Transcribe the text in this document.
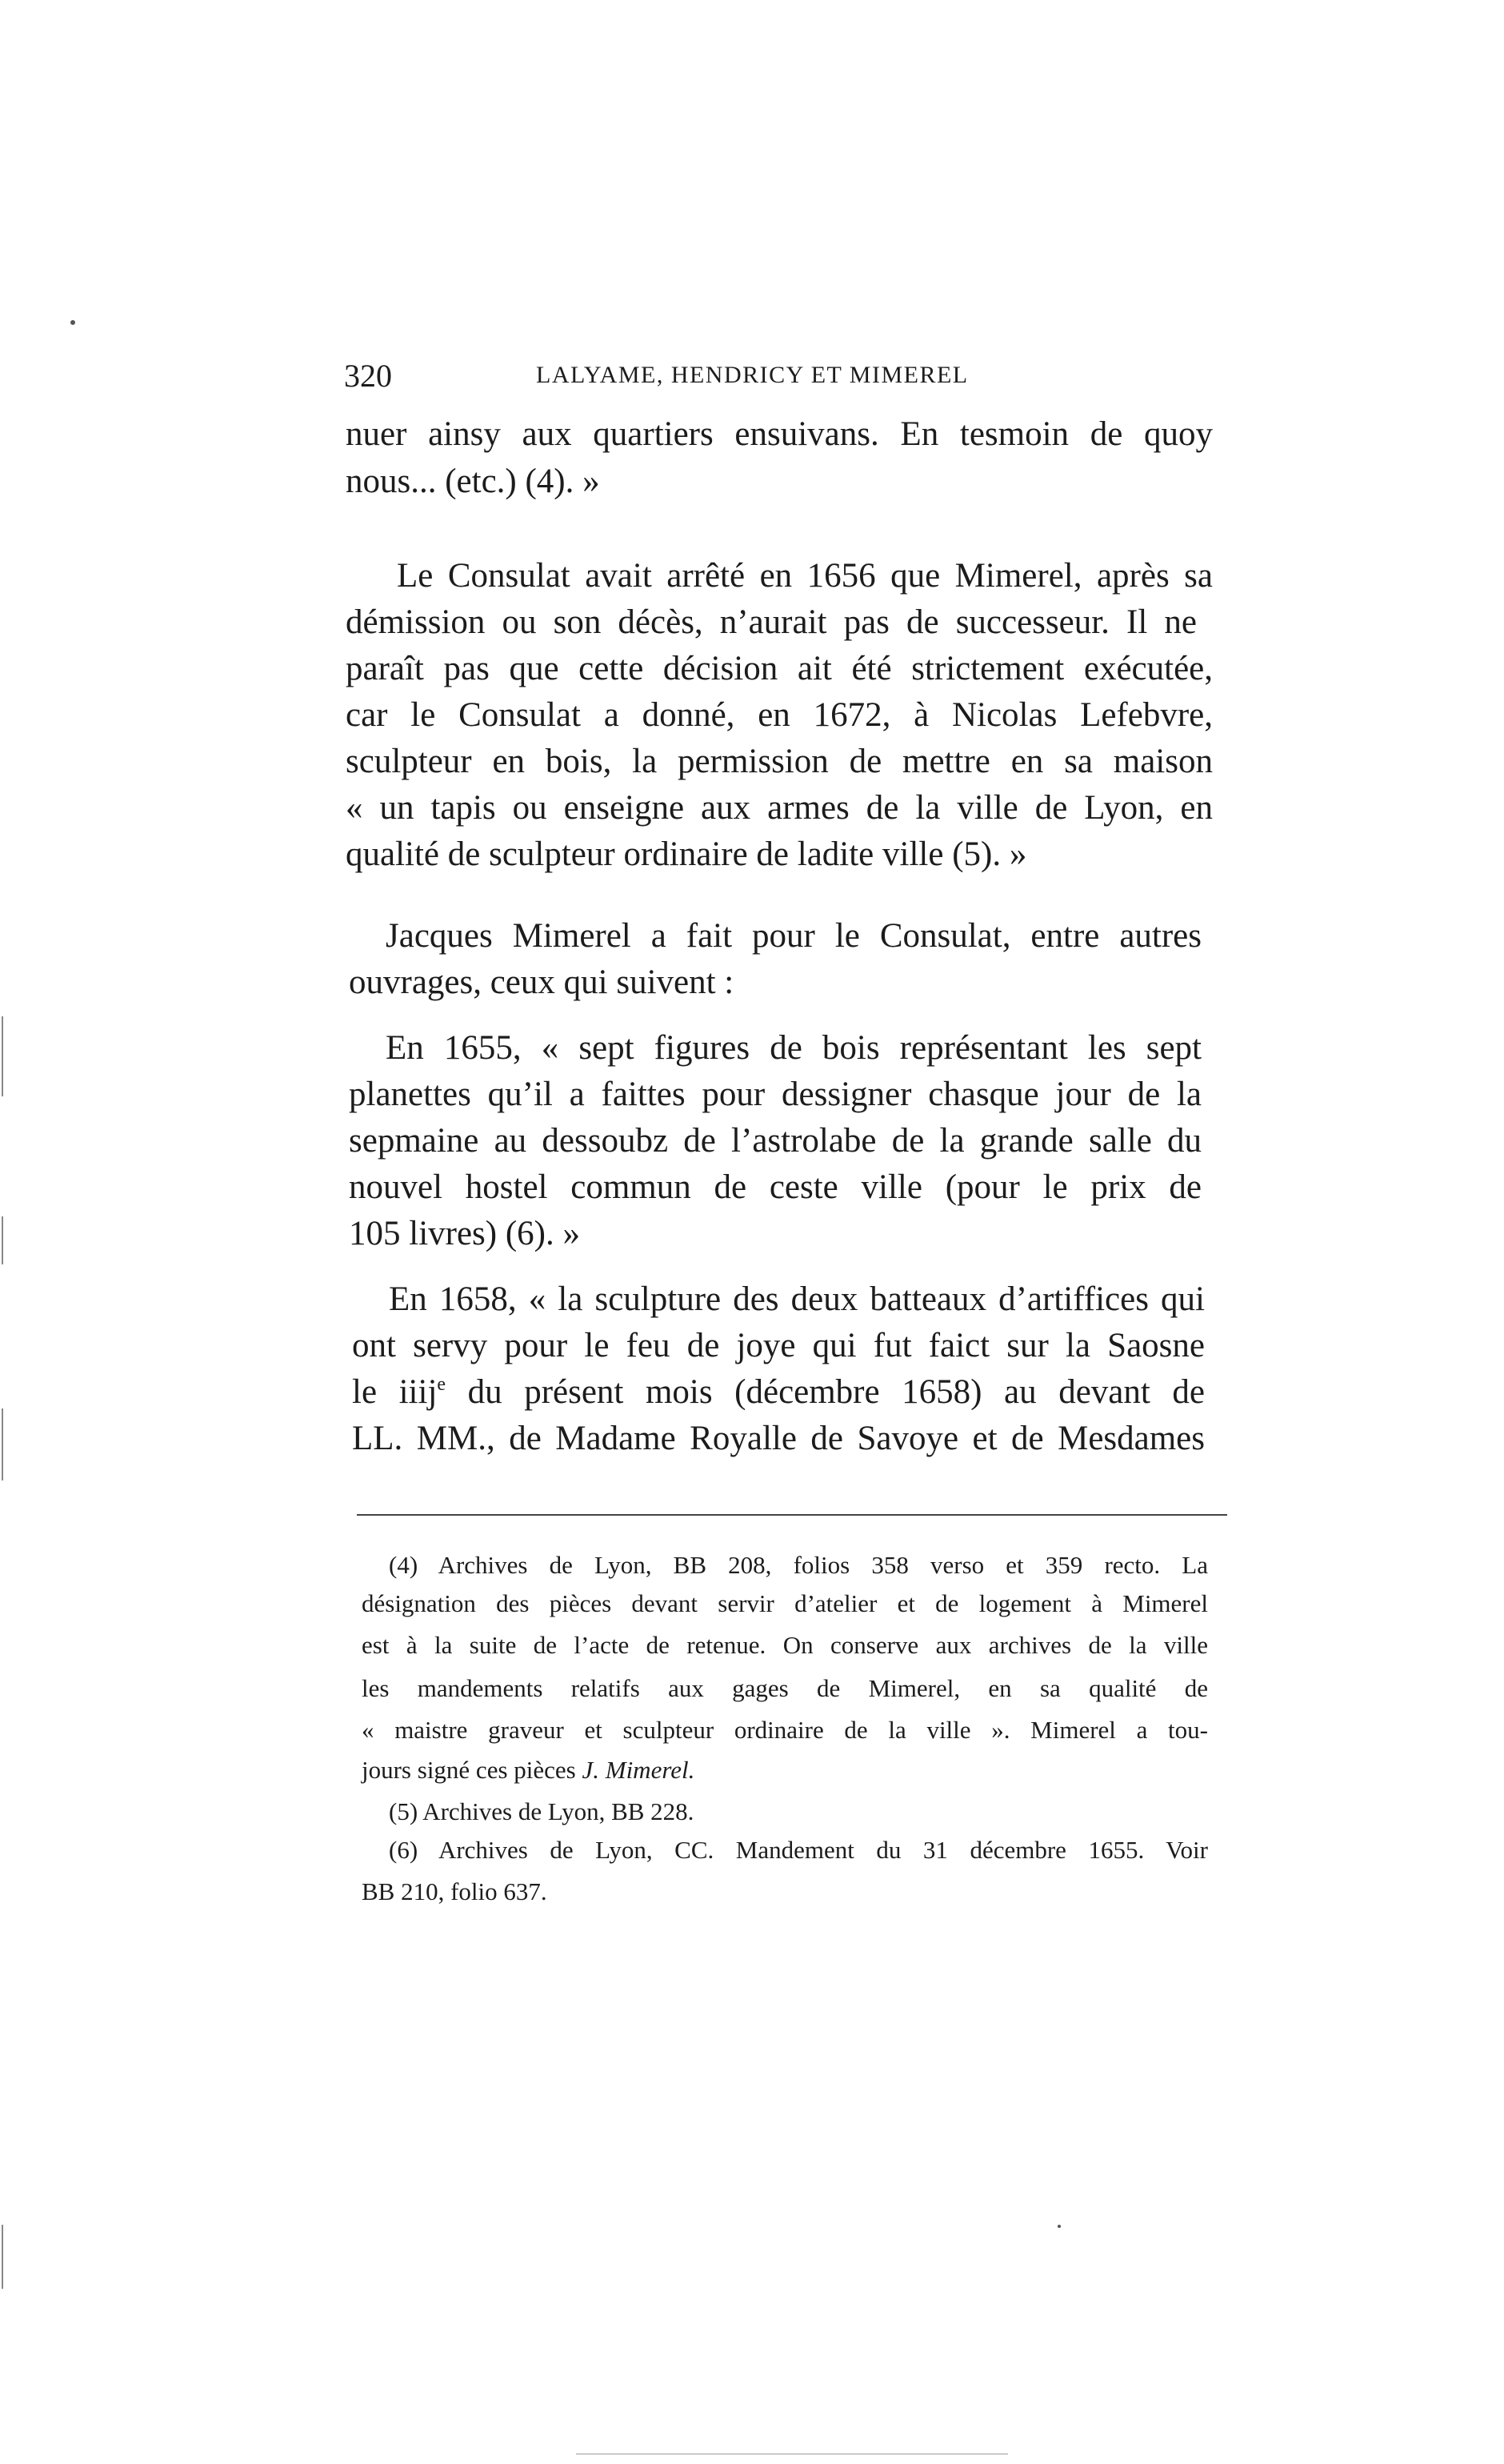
320	LALYAME, HENDRICY ET MIMEREL
nuer ainsy aux quartiers ensuivans. En tesmoin de quoy
nous... (etc.) (4). »
Le Consulat avait arrêté en 1656 que Mimerel, après sa
démission ou son décès, n’aurait pas de successeur. Il ne
paraît pas que cette décision ait été strictement exécutée,
car le Consulat a donné, en 1672, à Nicolas Lefebvre,
sculpteur en bois, la permission de mettre en sa maison
« un tapis ou enseigne aux armes de la ville de Lyon, en
qualité de sculpteur ordinaire de ladite ville (5). »
Jacques Mimerel a fait pour le Consulat, entre autres
ouvrages, ceux qui suivent :
En 1655, « sept figures de bois représentant les sept
planettes qu’il a faittes pour dessigner chasque jour de la
sepmaine au dessoubz de l’astrolabe de la grande salle du
nouvel hostel commun de ceste ville (pour le prix de
105 livres) (6). »
En 1658, « la sculpture des deux batteaux d’artiffices qui
ont servy pour le feu de joye qui fut faict sur la Saosne
le iiij$^e$ du présent mois (décembre 1658) au devant de
LL. MM., de Madame Royalle de Savoye et de Mesdames
(4) Archives de Lyon, BB 208, folios 358 verso et 359 recto. La
désignation des pièces devant servir d’atelier et de logement à Mimerel
est à la suite de l’acte de retenue. On conserve aux archives de la ville
les mandements relatifs aux gages de Mimerel, en sa qualité de
« maistre graveur et sculpteur ordinaire de la ville ». Mimerel a tou-
jours signé ces pièces J. Mimerel.
(5) Archives de Lyon, BB 228.
(6) Archives de Lyon, CC. Mandement du 31 décembre 1655. Voir
BB 210, folio 637.
